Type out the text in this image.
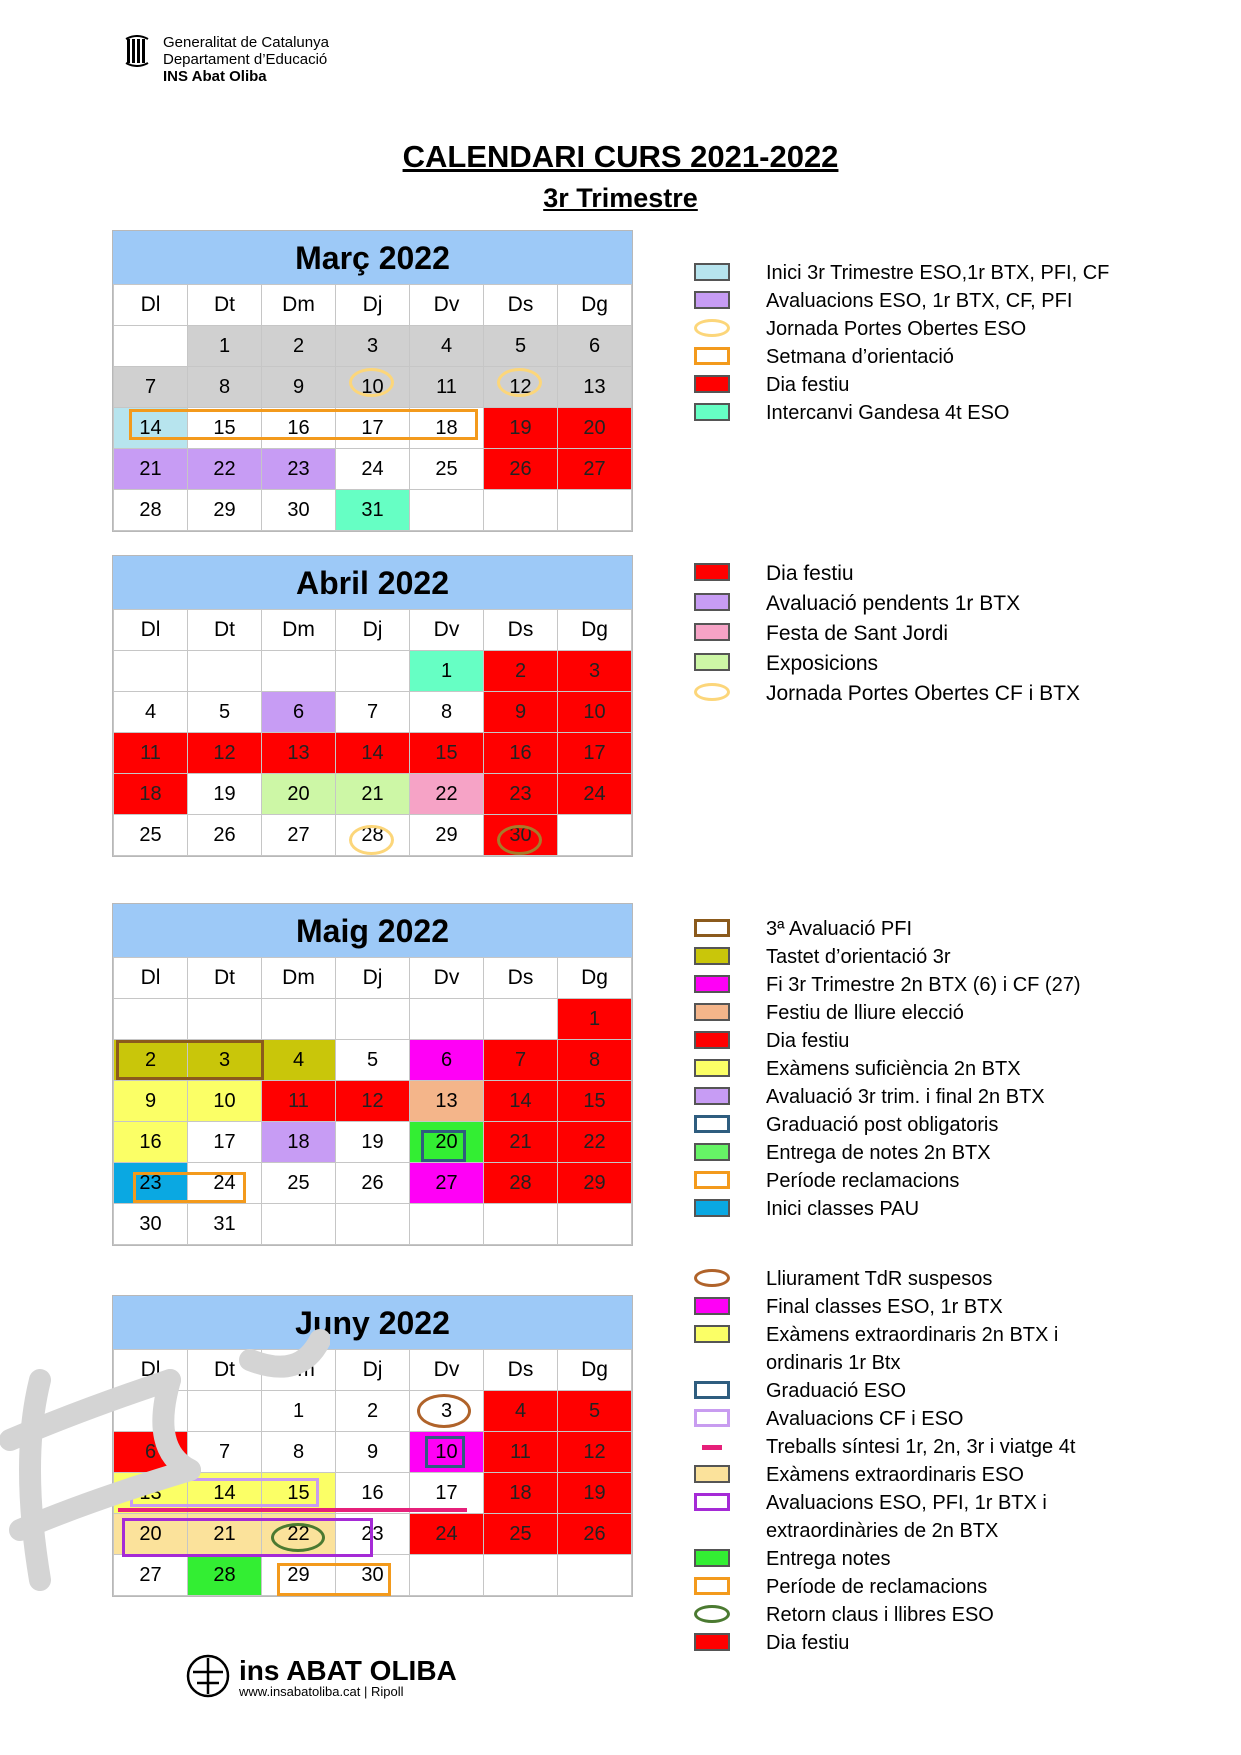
Generalitat de Catalunya
Departament d’Educació
INS Abat Oliba
CALENDARI CURS 2021-2022
3r Trimestre
Març 2022
Dl	Dt	Dm	Dj	Dv	Ds	Dg
	1	2	3	4	5	6
7	8	9	10	11	12	13
14	15	16	17	18	19	20
21	22	23	24	25	26	27
28	29	30	31			
Abril 2022
Dl	Dt	Dm	Dj	Dv	Ds	Dg
				1	2	3
4	5	6	7	8	9	10
11	12	13	14	15	16	17
18	19	20	21	22	23	24
25	26	27	28	29	30	
Maig 2022
Dl	Dt	Dm	Dj	Dv	Ds	Dg
						1
2	3	4	5	6	7	8
9	10	11	12	13	14	15
16	17	18	19	20	21	22
23	24	25	26	27	28	29
30	31					
Juny 2022
Dl	Dt	Dm	Dj	Dv	Ds	Dg
		1	2	3	4	5
6	7	8	9	10	11	12
13	14	15	16	17	18	19
20	21	22	23	24	25	26
27	28	29	30			
Inici 3r Trimestre ESO,1r BTX, PFI, CF
Avaluacions ESO, 1r BTX, CF, PFI
Jornada Portes Obertes ESO
Setmana d’orientació
Dia festiu
Intercanvi Gandesa 4t ESO
Dia festiu
Avaluació pendents 1r BTX
Festa de Sant Jordi
Exposicions
Jornada Portes Obertes CF i BTX
3ª Avaluació PFI
Tastet d’orientació 3r
Fi 3r Trimestre 2n BTX (6) i CF (27)
Festiu de lliure elecció
Dia festiu
Exàmens suficiència 2n BTX
Avaluació 3r trim. i final 2n BTX
Graduació post obligatoris
Entrega de notes 2n BTX
Període reclamacions
Inici classes PAU
Lliurament TdR suspesos
Final classes ESO, 1r BTX
Exàmens extraordinaris 2n BTX i
ordinaris 1r Btx
Graduació ESO
Avaluacions CF i ESO
Treballs síntesi 1r, 2n, 3r i viatge 4t
Exàmens extraordinaris ESO
Avaluacions ESO, PFI, 1r BTX i
extraordinàries de 2n BTX
Entrega notes
Període de reclamacions
Retorn claus i llibres ESO
Dia festiu
ins ABAT OLIBA
www.insabatoliba.cat | Ripoll
